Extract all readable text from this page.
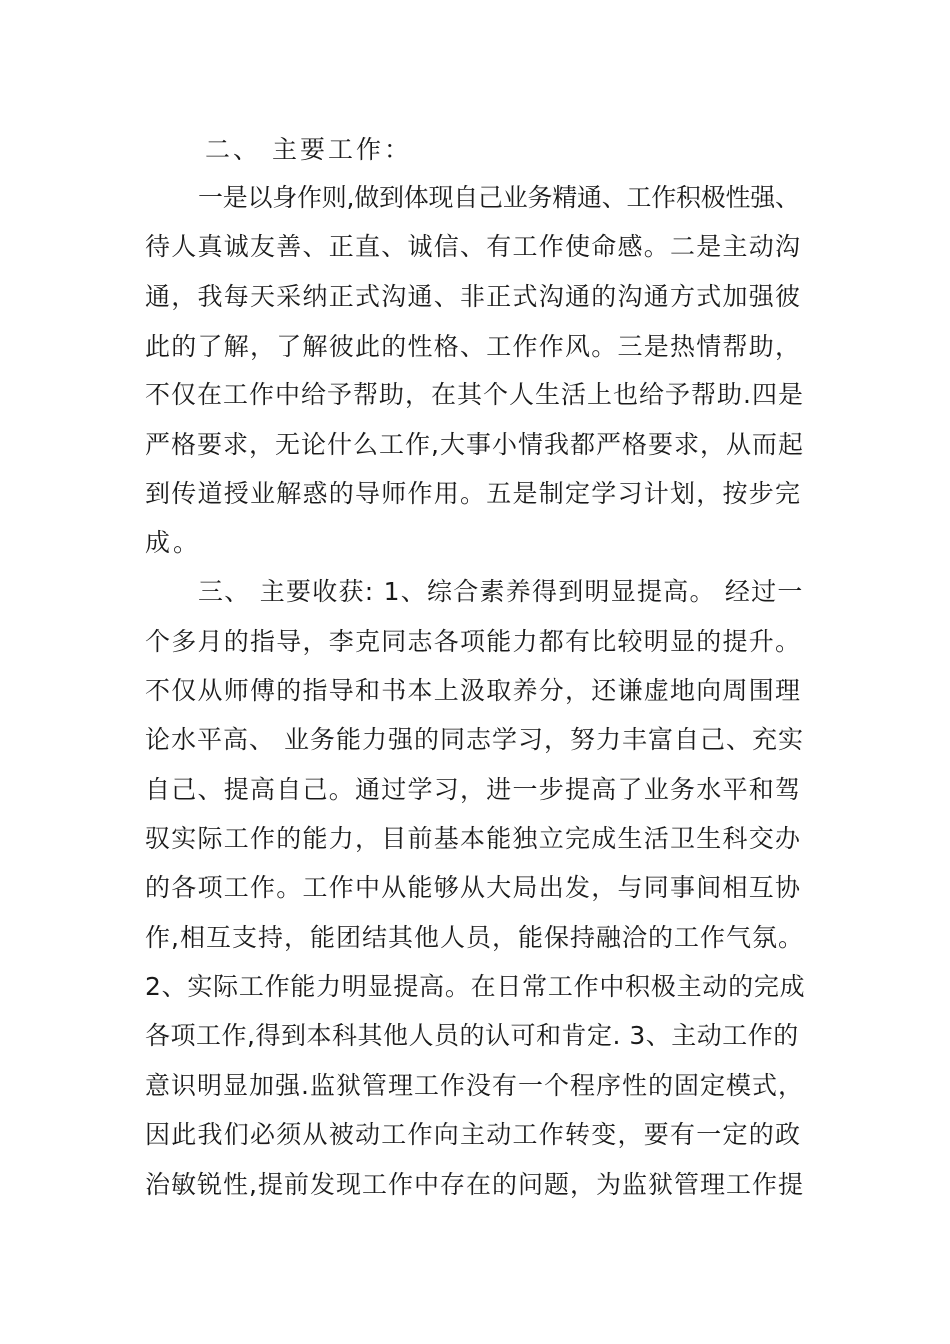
二、 主要工作：
一是以身作则,做到体现自己业务精通、工作积极性强、
待人真诚友善、正直、诚信、有工作使命感。二是主动沟
通，我每天采纳正式沟通、非正式沟通的沟通方式加强彼
此的了解，了解彼此的性格、工作作风。三是热情帮助，
不仅在工作中给予帮助，在其个人生活上也给予帮助.四是
严格要求，无论什么工作,大事小情我都严格要求，从而起
到传道授业解惑的导师作用。五是制定学习计划，按步完
成。
三、 主要收获: 1、综合素养得到明显提高。 经过一
个多月的指导，李克同志各项能力都有比较明显的提升。
不仅从师傅的指导和书本上汲取养分，还谦虚地向周围理
论水平高、 业务能力强的同志学习，努力丰富自己、充实
自己、提高自己。通过学习，进一步提高了业务水平和驾
驭实际工作的能力，目前基本能独立完成生活卫生科交办
的各项工作。工作中从能够从大局出发，与同事间相互协
作,相互支持，能团结其他人员，能保持融洽的工作气氛。
2、实际工作能力明显提高。在日常工作中积极主动的完成
各项工作,得到本科其他人员的认可和肯定. 3、主动工作的
意识明显加强.监狱管理工作没有一个程序性的固定模式，
因此我们必须从被动工作向主动工作转变，要有一定的政
治敏锐性,提前发现工作中存在的问题，为监狱管理工作提
